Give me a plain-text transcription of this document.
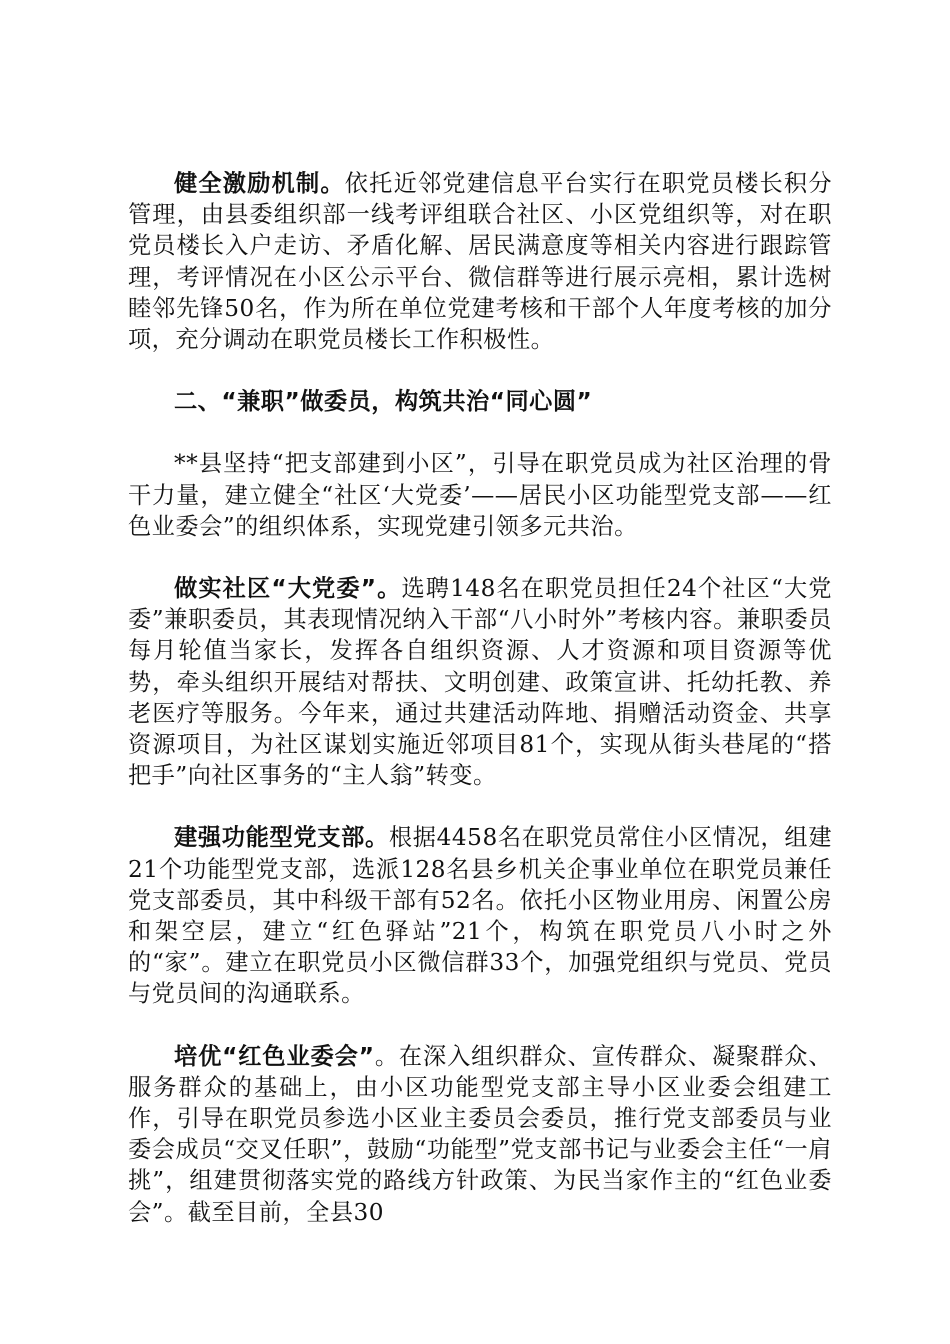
健全激励机制。依托近邻党建信息平台实行在职党员楼长积分管理，由县委组织部一线考评组联合社区、小区党组织等，对在职党员楼长入户走访、矛盾化解、居民满意度等相关内容进行跟踪管理，考评情况在小区公示平台、微信群等进行展示亮相，累计选树睦邻先锋50名，作为所在单位党建考核和干部个人年度考核的加分项，充分调动在职党员楼长工作积极性。

二、“兼职”做委员，构筑共治“同心圆”

**县坚持“把支部建到小区”，引导在职党员成为社区治理的骨干力量，建立健全“社区‘大党委’——居民小区功能型党支部——红色业委会”的组织体系，实现党建引领多元共治。

做实社区“大党委”。选聘148名在职党员担任24个社区“大党委”兼职委员，其表现情况纳入干部“八小时外”考核内容。兼职委员每月轮值当家长，发挥各自组织资源、人才资源和项目资源等优势，牵头组织开展结对帮扶、文明创建、政策宣讲、托幼托教、养老医疗等服务。今年来，通过共建活动阵地、捐赠活动资金、共享资源项目，为社区谋划实施近邻项目81个，实现从街头巷尾的“搭把手”向社区事务的“主人翁”转变。

建强功能型党支部。根据4458名在职党员常住小区情况，组建21个功能型党支部，选派128名县乡机关企事业单位在职党员兼任党支部委员，其中科级干部有52名。依托小区物业用房、闲置公房和架空层，建立“红色驿站”21个，构筑在职党员八小时之外的“家”。建立在职党员小区微信群33个，加强党组织与党员、党员与党员间的沟通联系。

培优“红色业委会”。在深入组织群众、宣传群众、凝聚群众、服务群众的基础上，由小区功能型党支部主导小区业委会组建工作，引导在职党员参选小区业主委员会委员，推行党支部委员与业委会成员“交叉任职”，鼓励“功能型”党支部书记与业委会主任“一肩挑”，组建贯彻落实党的路线方针政策、为民当家作主的“红色业委会”。截至目前，全县30
